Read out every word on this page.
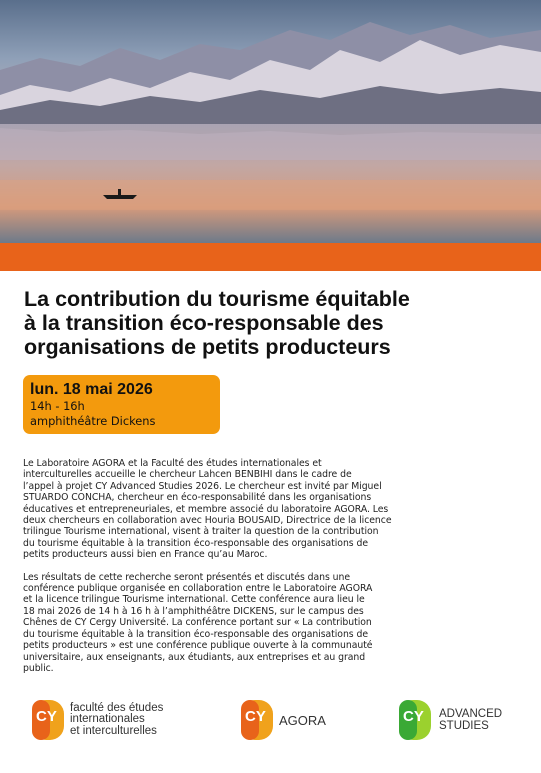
La contribution du tourisme équitable
à la transition éco-responsable des
organisations de petits producteurs
lun. 18 mai 2026
14h - 16h
amphithéâtre Dickens

Le Laboratoire AGORA et la Faculté des études internationales et
interculturelles accueille le chercheur Lahcen BENBIHI dans le cadre de
l’appel à projet CY Advanced Studies 2026. Le chercheur est invité par Miguel
STUARDO CONCHA, chercheur en éco-responsabilité dans les organisations
éducatives et entrepreneuriales, et membre associé du laboratoire AGORA. Les
deux chercheurs en collaboration avec Houria BOUSAID, Directrice de la licence
trilingue Tourisme international, visent à traiter la question de la contribution
du tourisme équitable à la transition éco-responsable des organisations de
petits producteurs aussi bien en France qu’au Maroc.

Les résultats de cette recherche seront présentés et discutés dans une
conférence publique organisée en collaboration entre le Laboratoire AGORA
et la licence trilingue Tourisme international. Cette conférence aura lieu le
18 mai 2026 de 14 h à 16 h à l’amphithéâtre DICKENS, sur le campus des
Chênes de CY Cergy Université. La conférence portant sur « La contribution
du tourisme équitable à la transition éco-responsable des organisations de
petits producteurs » est une conférence publique ouverte à la communauté
universitaire, aux enseignants, aux étudiants, aux entreprises et au grand
public.

CY
faculté des études
internationales
et interculturelles
CY AGORA	CY ADVANCED
STUDIES
